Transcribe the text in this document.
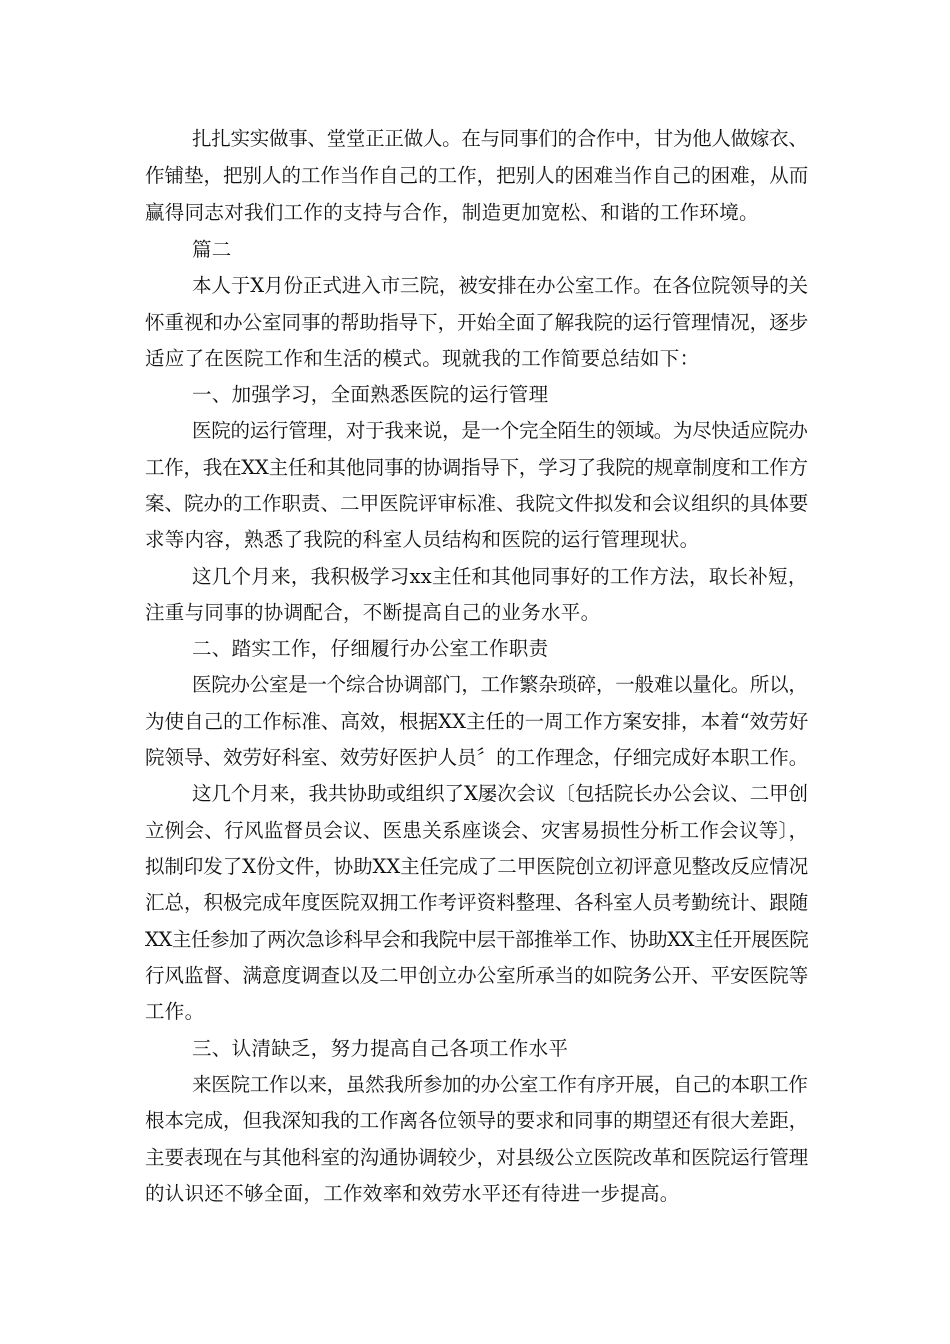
扎扎实实做事、堂堂正正做人。在与同事们的合作中，甘为他人做嫁衣、
作铺垫，把别人的工作当作自己的工作，把别人的困难当作自己的困难，从而
赢得同志对我们工作的支持与合作，制造更加宽松、和谐的工作环境。
篇二
本人于X月份正式进入市三院，被安排在办公室工作。在各位院领导的关
怀重视和办公室同事的帮助指导下，开始全面了解我院的运行管理情况，逐步
适应了在医院工作和生活的模式。现就我的工作简要总结如下：
一、加强学习，全面熟悉医院的运行管理
医院的运行管理，对于我来说，是一个完全陌生的领域。为尽快适应院办
工作，我在XX主任和其他同事的协调指导下，学习了我院的规章制度和工作方
案、院办的工作职责、二甲医院评审标准、我院文件拟发和会议组织的具体要
求等内容，熟悉了我院的科室人员结构和医院的运行管理现状。
这几个月来，我积极学习xx主任和其他同事好的工作方法，取长补短，
注重与同事的协调配合，不断提高自己的业务水平。
二、踏实工作，仔细履行办公室工作职责
医院办公室是一个综合协调部门，工作繁杂琐碎，一般难以量化。所以，
为使自己的工作标准、高效，根据XX主任的一周工作方案安排，本着“效劳好
院领导、效劳好科室、效劳好医护人员〞的工作理念，仔细完成好本职工作。
这几个月来，我共协助或组织了X屡次会议〔包括院长办公会议、二甲创
立例会、行风监督员会议、医患关系座谈会、灾害易损性分析工作会议等〕，
拟制印发了X份文件，协助XX主任完成了二甲医院创立初评意见整改反应情况
汇总，积极完成年度医院双拥工作考评资料整理、各科室人员考勤统计、跟随
XX主任参加了两次急诊科早会和我院中层干部推举工作、协助XX主任开展医院
行风监督、满意度调查以及二甲创立办公室所承当的如院务公开、平安医院等
工作。
三、认清缺乏，努力提高自己各项工作水平
来医院工作以来，虽然我所参加的办公室工作有序开展，自己的本职工作
根本完成，但我深知我的工作离各位领导的要求和同事的期望还有很大差距，
主要表现在与其他科室的沟通协调较少，对县级公立医院改革和医院运行管理
的认识还不够全面，工作效率和效劳水平还有待进一步提高。
